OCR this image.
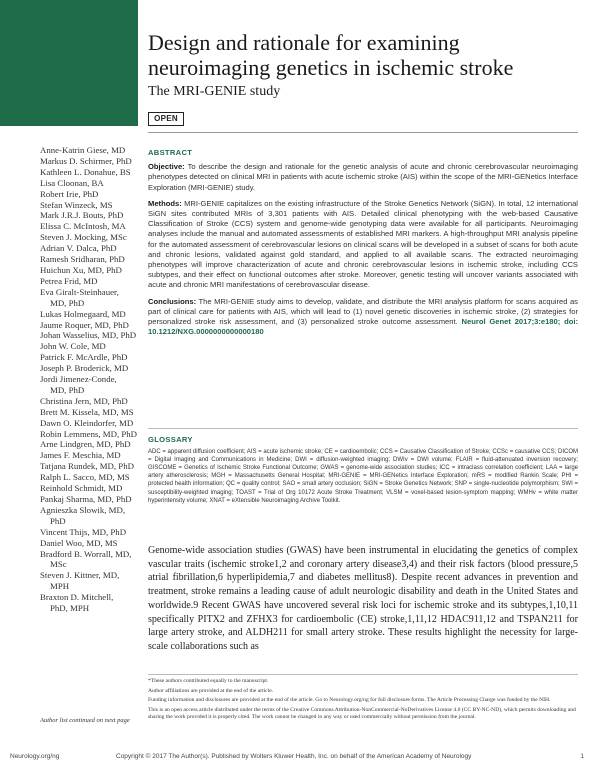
Design and rationale for examining neuroimaging genetics in ischemic stroke
The MRI-GENIE study
OPEN
Anne-Katrin Giese, MD
Markus D. Schirmer, PhD
Kathleen L. Donahue, BS
Lisa Cloonan, BA
Robert Irie, PhD
Stefan Winzeck, MS
Mark J.R.J. Bouts, PhD
Elissa C. McIntosh, MA
Steven J. Mocking, MSc
Adrian V. Dalca, PhD
Ramesh Sridharan, PhD
Huichun Xu, MD, PhD
Petrea Frid, MD
Eva Giralt-Steinhauer,
MD, PhD
Lukas Holmegaard, MD
Jaume Roquer, MD, PhD
Johan Wasselius, MD, PhD
John W. Cole, MD
Patrick F. McArdle, PhD
Joseph P. Broderick, MD
Jordi Jimenez-Conde,
MD, PhD
Christina Jern, MD, PhD
Brett M. Kissela, MD, MS
Dawn O. Kleindorfer, MD
Robin Lemmens, MD, PhD
Arne Lindgren, MD, PhD
James F. Meschia, MD
Tatjana Rundek, MD, PhD
Ralph L. Sacco, MD, MS
Reinhold Schmidt, MD
Pankaj Sharma, MD, PhD
Agnieszka Slowik, MD,
PhD
Vincent Thijs, MD, PhD
Daniel Woo, MD, MS
Bradford B. Worrall, MD,
MSc
Steven J. Kittner, MD,
MPH
Braxton D. Mitchell,
PhD, MPH
Author list continued on next page
ABSTRACT

Objective: To describe the design and rationale for the genetic analysis of acute and chronic cerebrovascular neuroimaging phenotypes detected on clinical MRI in patients with acute ischemic stroke (AIS) within the scope of the MRI-GENetics Interface Exploration (MRI-GENIE) study.

Methods: MRI-GENIE capitalizes on the existing infrastructure of the Stroke Genetics Network (SiGN). In total, 12 international SiGN sites contributed MRIs of 3,301 patients with AIS. Detailed clinical phenotyping with the web-based Causative Classification of Stroke (CCS) system and genome-wide genotyping data were available for all participants. Neuroimaging analyses include the manual and automated assessments of established MRI markers. A high-throughput MRI analysis pipeline for the automated assessment of cerebrovascular lesions on clinical scans will be developed in a subset of scans for both acute and chronic lesions, validated against gold standard, and applied to all available scans. The extracted neuroimaging phenotypes will improve characterization of acute and chronic cerebrovascular lesions in ischemic stroke, including CCS subtypes, and their effect on functional outcomes after stroke. Moreover, genetic testing will uncover variants associated with acute and chronic MRI manifestations of cerebrovascular disease.

Conclusions: The MRI-GENIE study aims to develop, validate, and distribute the MRI analysis platform for scans acquired as part of clinical care for patients with AIS, which will lead to (1) novel genetic discoveries in ischemic stroke, (2) strategies for personalized stroke risk assessment, and (3) personalized stroke outcome assessment. Neurol Genet 2017;3:e180; doi: 10.1212/NXG.0000000000000180

GLOSSARY
ADC = apparent diffusion coefficient; AIS = acute ischemic stroke; CE = cardioembolic; CCS = Causative Classification of Stroke; CCSc = causative CCS; DICOM = Digital Imaging and Communications in Medicine; DWI = diffusion-weighted imaging; DWIv = DWI volume; FLAIR = fluid-attenuated inversion recovery; GISCOME = Genetics of Ischemic Stroke Functional Outcome; GWAS = genome-wide association studies; ICC = intraclass correlation coefficient; LAA = large artery atherosclerosis; MGH = Massachusetts General Hospital; MRI-GENIE = MRI-GENetics Interface Exploration; mRS = modified Rankin Scale; PHI = protected health information; QC = quality control; SAO = small artery occlusion; SiGN = Stroke Genetics Network; SNP = single-nucleotide polymorphism; SWI = susceptibility-weighted imaging; TOAST = Trial of Org 10172 Acute Stroke Treatment; VLSM = voxel-based lesion-symptom mapping; WMHv = white matter hyperintensity volume; XNAT = eXtensible Neuroimaging Archive Toolkit.
Genome-wide association studies (GWAS) have been instrumental in elucidating the genetics of complex vascular traits (ischemic stroke1,2 and coronary artery disease3,4) and their risk factors (blood pressure,5 atrial fibrillation,6 hyperlipidemia,7 and diabetes mellitus8). Despite recent advances in prevention and treatment, stroke remains a leading cause of adult neurologic disability and death in the United States and worldwide.9 Recent GWAS have uncovered several risk loci for ischemic stroke and its subtypes,1,10,11 specifically PITX2 and ZFHX3 for cardioembolic (CE) stroke,1,11,12 HDAC911,12 and TSPAN211 for large artery stroke, and ALDH211 for small artery stroke. These results highlight the necessity for large-scale collaborations such as
*These authors contributed equally to the manuscript.
Author affiliations are provided at the end of the article.
Funding information and disclosures are provided at the end of the article. Go to Neurology.org/ng for full disclosure forms. The Article Processing Charge was funded by the NIH.
This is an open access article distributed under the terms of the Creative Commons Attribution-NonCommercial-NoDerivatives License 4.0 (CC BY-NC-ND), which permits downloading and sharing the work provided it is properly cited. The work cannot be changed in any way or used commercially without permission from the journal.
Neurology.org/ng	Copyright © 2017 The Author(s). Published by Wolters Kluwer Health, Inc. on behalf of the American Academy of Neurology	1
